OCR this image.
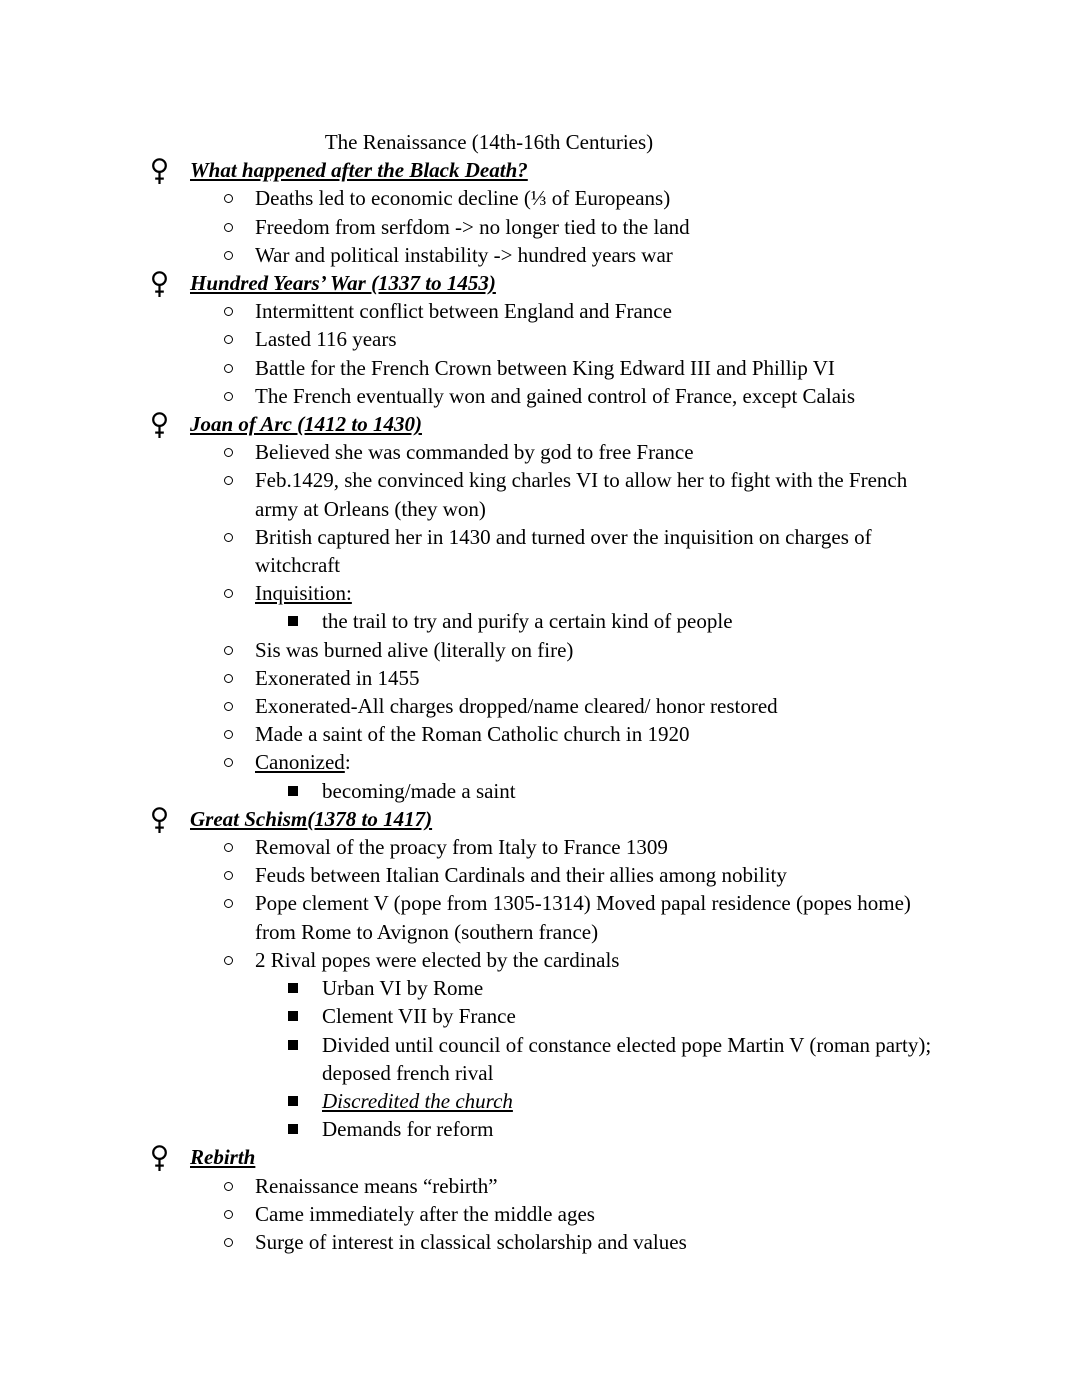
The Renaissance (14th-16th Centuries)
What happened after the Black Death?
Deaths led to economic decline (⅓ of Europeans)
Freedom from serfdom -> no longer tied to the land
War and political instability -> hundred years war
Hundred Years’ War (1337 to 1453)
Intermittent conflict between England and France
Lasted 116 years
Battle for the French Crown between King Edward III and Phillip VI
The French eventually won and gained control of France, except Calais
Joan of Arc (1412 to 1430)
Believed she was commanded by god to free France
Feb.1429, she convinced king charles VI to allow her to fight with the French army at Orleans (they won)
British captured her in 1430 and turned over the inquisition on charges of witchcraft
Inquisition:
the trail to try and purify a certain kind of people
Sis was burned alive (literally on fire)
Exonerated in 1455
Exonerated-All charges dropped/name cleared/ honor restored
Made a saint of the Roman Catholic church in 1920
Canonized:
becoming/made a saint
Great Schism(1378 to 1417)
Removal of the proacy from Italy to France 1309
Feuds between Italian Cardinals and their allies among nobility
Pope clement V (pope from 1305-1314) Moved papal residence (popes home) from Rome to Avignon (southern france)
2 Rival popes were elected by the cardinals
Urban VI by Rome
Clement VII by France
Divided until council of constance elected pope Martin V (roman party); deposed french rival
Discredited the church
Demands for reform
Rebirth
Renaissance means “rebirth”
Came immediately after the middle ages
Surge of interest in classical scholarship and values
